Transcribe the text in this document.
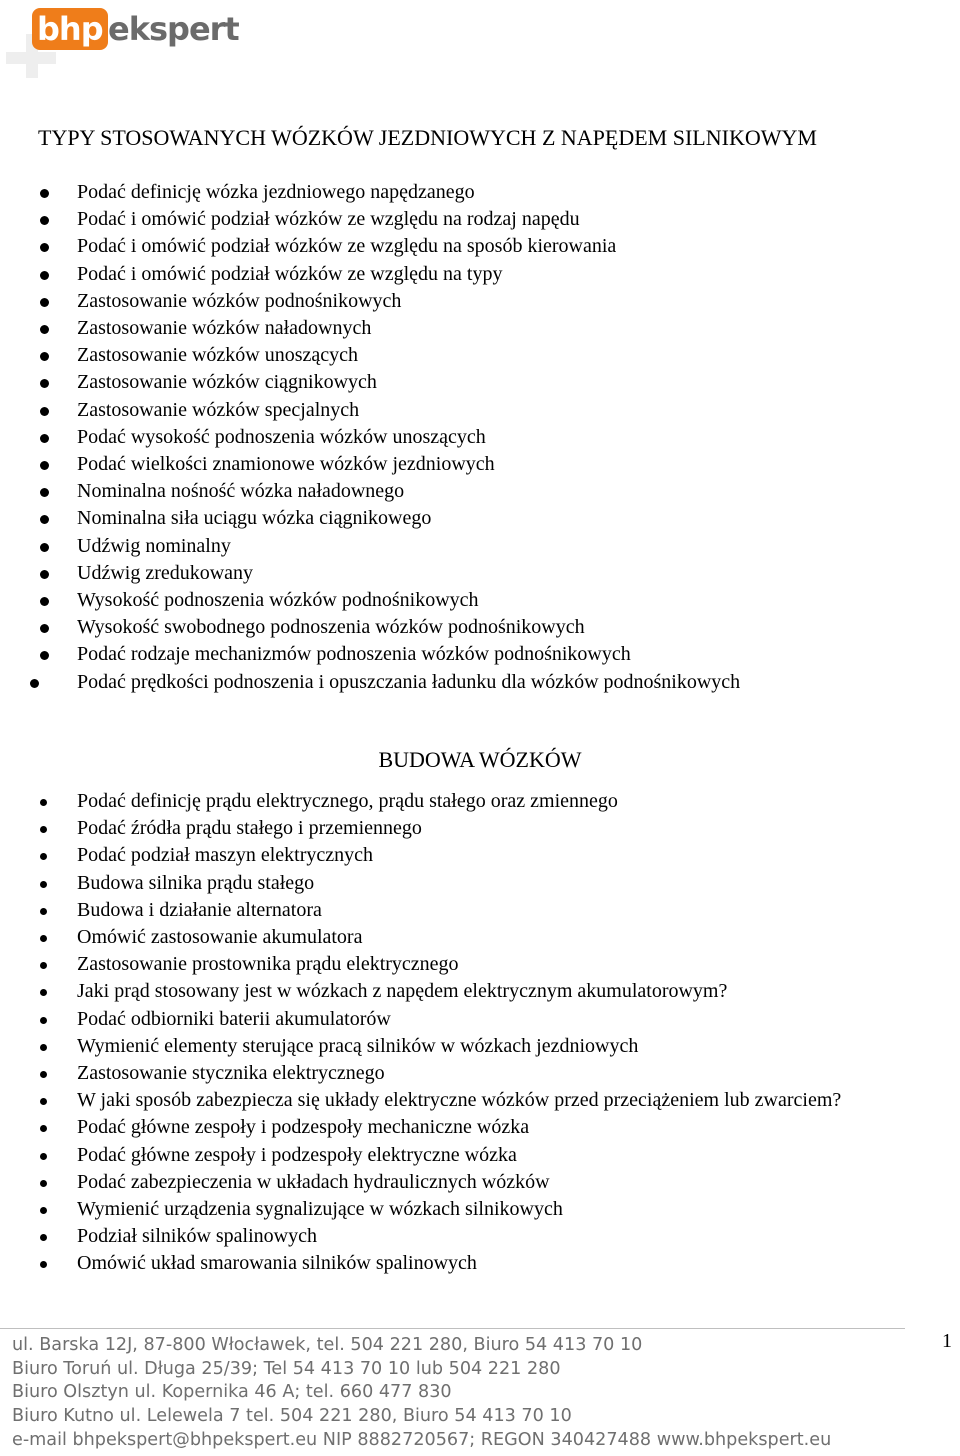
bhp ekspert
TYPY STOSOWANYCH WÓZKÓW JEZDNIOWYCH Z NAPĘDEM SILNIKOWYM
Podać definicję wózka jezdniowego napędzanego
Podać i omówić podział wózków ze względu na rodzaj napędu
Podać i omówić podział wózków ze względu na sposób kierowania
Podać i omówić podział wózków ze względu na typy
Zastosowanie wózków podnośnikowych
Zastosowanie wózków naładownych
Zastosowanie wózków unoszących
Zastosowanie wózków ciągnikowych
Zastosowanie wózków specjalnych
Podać wysokość podnoszenia wózków unoszących
Podać wielkości znamionowe wózków jezdniowych
Nominalna nośność wózka naładownego
Nominalna siła uciągu wózka ciągnikowego
Udźwig nominalny
Udźwig zredukowany
Wysokość podnoszenia wózków podnośnikowych
Wysokość swobodnego podnoszenia wózków podnośnikowych
Podać rodzaje mechanizmów podnoszenia wózków podnośnikowych
Podać prędkości podnoszenia i opuszczania ładunku dla wózków podnośnikowych
BUDOWA WÓZKÓW
Podać definicję prądu elektrycznego, prądu stałego oraz zmiennego
Podać źródła prądu stałego i przemiennego
Podać podział maszyn elektrycznych
Budowa silnika prądu stałego
Budowa i działanie alternatora
Omówić zastosowanie akumulatora
Zastosowanie prostownika prądu elektrycznego
Jaki prąd stosowany jest w wózkach z napędem elektrycznym akumulatorowym?
Podać odbiorniki baterii akumulatorów
Wymienić elementy sterujące pracą silników w wózkach jezdniowych
Zastosowanie stycznika elektrycznego
W jaki sposób zabezpiecza się układy elektryczne wózków przed przeciążeniem lub zwarciem?
Podać główne zespoły i podzespoły mechaniczne wózka
Podać główne zespoły i podzespoły elektryczne wózka
Podać zabezpieczenia w układach hydraulicznych wózków
Wymienić urządzenia sygnalizujące w wózkach silnikowych
Podział silników spalinowych
Omówić układ smarowania silników spalinowych
1
ul. Barska 12J, 87-800 Włocławek, tel. 504 221 280, Biuro 54 413 70 10
Biuro Toruń ul. Długa 25/39; Tel 54 413 70 10 lub 504 221 280
Biuro Olsztyn ul. Kopernika 46 A; tel. 660 477 830
Biuro Kutno ul. Lelewela 7 tel. 504 221 280, Biuro 54 413 70 10
e-mail bhpekspert@bhpekspert.eu NIP 8882720567; REGON 340427488 www.bhpekspert.eu
